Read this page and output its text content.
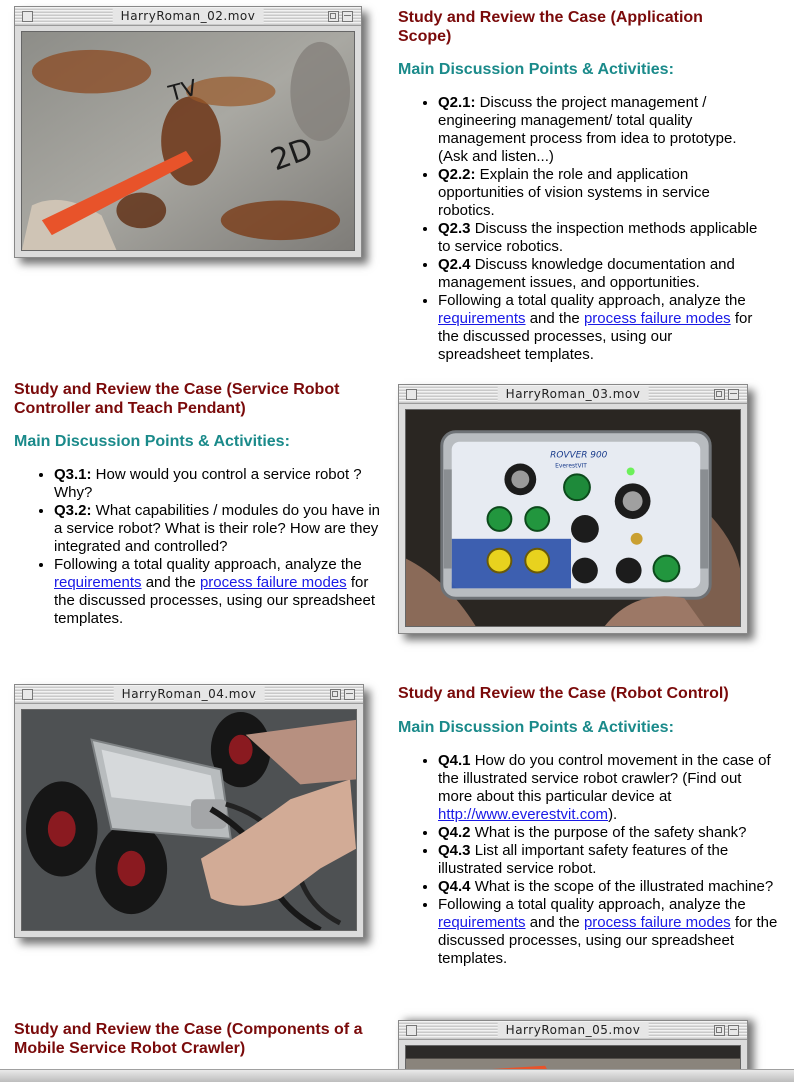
HarryRoman_02.mov
2D
TV
Study and Review the Case (Application Scope)
Main Discussion Points & Activities:
• Q2.1: Discuss the project management / engineering management/ total quality management process from idea to prototype. (Ask and listen...)
• Q2.2: Explain the role and application opportunities of vision systems in service robotics.
• Q2.3 Discuss the inspection methods applicable to service robotics.
• Q2.4 Discuss knowledge documentation and management issues, and opportunities.
• Following a total quality approach, analyze the requirements and the process failure modes for the discussed processes, using our spreadsheet templates.
Study and Review the Case (Service Robot Controller and Teach Pendant)
Main Discussion Points & Activities:
• Q3.1: How would you control a service robot ? Why?
• Q3.2: What capabilities / modules do you have in a service robot? What is their role? How are they integrated and controlled?
• Following a total quality approach, analyze the requirements and the process failure modes for the discussed processes, using our spreadsheet templates.
HarryRoman_03.mov
ROVVER 900
EverestVIT
HarryRoman_04.mov	Study and Review the Case (Robot Control)
Main Discussion Points & Activities:
• Q4.1 How do you control movement in the case of the illustrated service robot crawler? (Find out more about this particular device at http://www.everestvit.com).
• Q4.2 What is the purpose of the safety shank?
• Q4.3 List all important safety features of the illustrated service robot.
• Q4.4 What is the scope of the illustrated machine?
• Following a total quality approach, analyze the requirements and the process failure modes for the discussed processes, using our spreadsheet templates.
Study and Review the Case (Components of a Mobile Service Robot Crawler)
HarryRoman_05.mov
